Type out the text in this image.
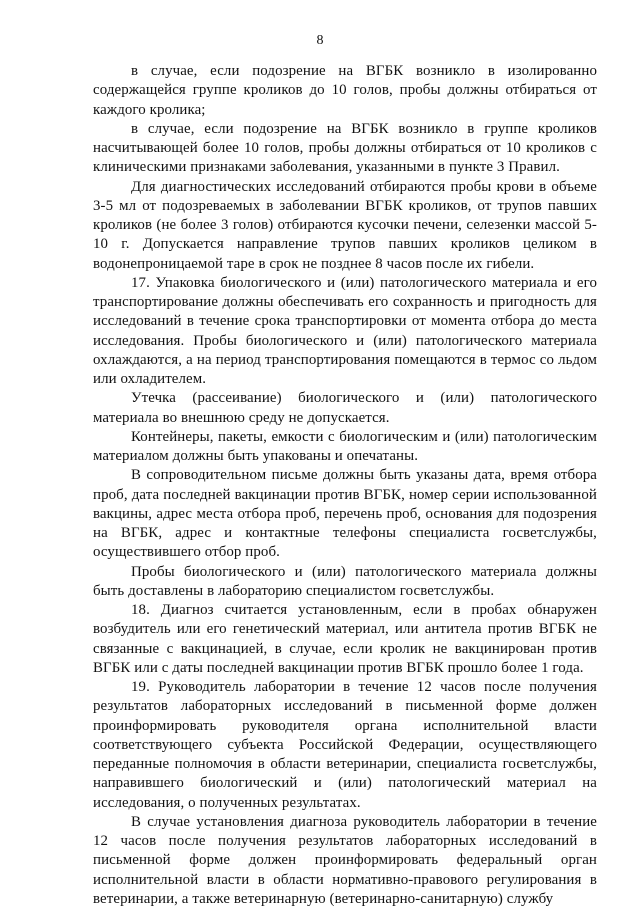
8

в случае, если подозрение на ВГБК возникло в изолированно содержащейся группе кроликов до 10 голов, пробы должны отбираться от каждого кролика;

в случае, если подозрение на ВГБК возникло в группе кроликов насчитывающей более 10 голов, пробы должны отбираться от 10 кроликов с клиническими признаками заболевания, указанными в пункте 3 Правил.

Для диагностических исследований отбираются пробы крови в объеме 3-5 мл от подозреваемых в заболевании ВГБК кроликов, от трупов павших кроликов (не более 3 голов) отбираются кусочки печени, селезенки массой 5-10 г. Допускается направление трупов павших кроликов целиком в водонепроницаемой таре в срок не позднее 8 часов после их гибели.

17. Упаковка биологического и (или) патологического материала и его транспортирование должны обеспечивать его сохранность и пригодность для исследований в течение срока транспортировки от момента отбора до места исследования. Пробы биологического и (или) патологического материала охлаждаются, а на период транспортирования помещаются в термос со льдом или охладителем.

Утечка (рассеивание) биологического и (или) патологического материала во внешнюю среду не допускается.

Контейнеры, пакеты, емкости с биологическим и (или) патологическим материалом должны быть упакованы и опечатаны.

В сопроводительном письме должны быть указаны дата, время отбора проб, дата последней вакцинации против ВГБК, номер серии использованной вакцины, адрес места отбора проб, перечень проб, основания для подозрения на ВГБК, адрес и контактные телефоны специалиста госветслужбы, осуществившего отбор проб.

Пробы биологического и (или) патологического материала должны быть доставлены в лабораторию специалистом госветслужбы.

18. Диагноз считается установленным, если в пробах обнаружен возбудитель или его генетический материал, или антитела против ВГБК не связанные с вакцинацией, в случае, если кролик не вакцинирован против ВГБК или с даты последней вакцинации против ВГБК прошло более 1 года.

19. Руководитель лаборатории в течение 12 часов после получения результатов лабораторных исследований в письменной форме должен проинформировать руководителя органа исполнительной власти соответствующего субъекта Российской Федерации, осуществляющего переданные полномочия в области ветеринарии, специалиста госветслужбы, направившего биологический и (или) патологический материал на исследования, о полученных результатах.

В случае установления диагноза руководитель лаборатории в течение 12 часов после получения результатов лабораторных исследований в письменной форме должен проинформировать федеральный орган исполнительной власти в области нормативно-правового регулирования в ветеринарии, а также ветеринарную (ветеринарно-санитарную) службу
